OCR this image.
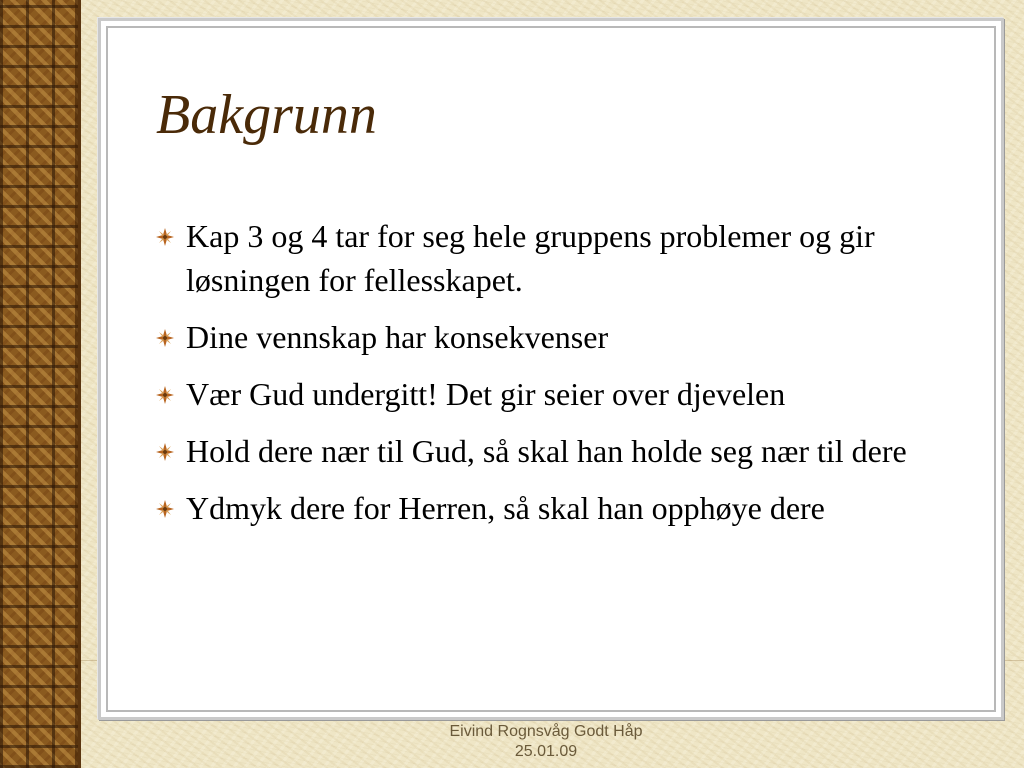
Bakgrunn
Kap 3 og 4 tar for seg hele gruppens problemer og gir løsningen for fellesskapet.
Dine vennskap har konsekvenser
Vær Gud undergitt! Det gir seier over djevelen
Hold dere nær til Gud, så skal han holde seg nær til dere
Ydmyk dere for Herren, så skal han opphøye dere
Eivind Rognsvåg Godt Håp
25.01.09
